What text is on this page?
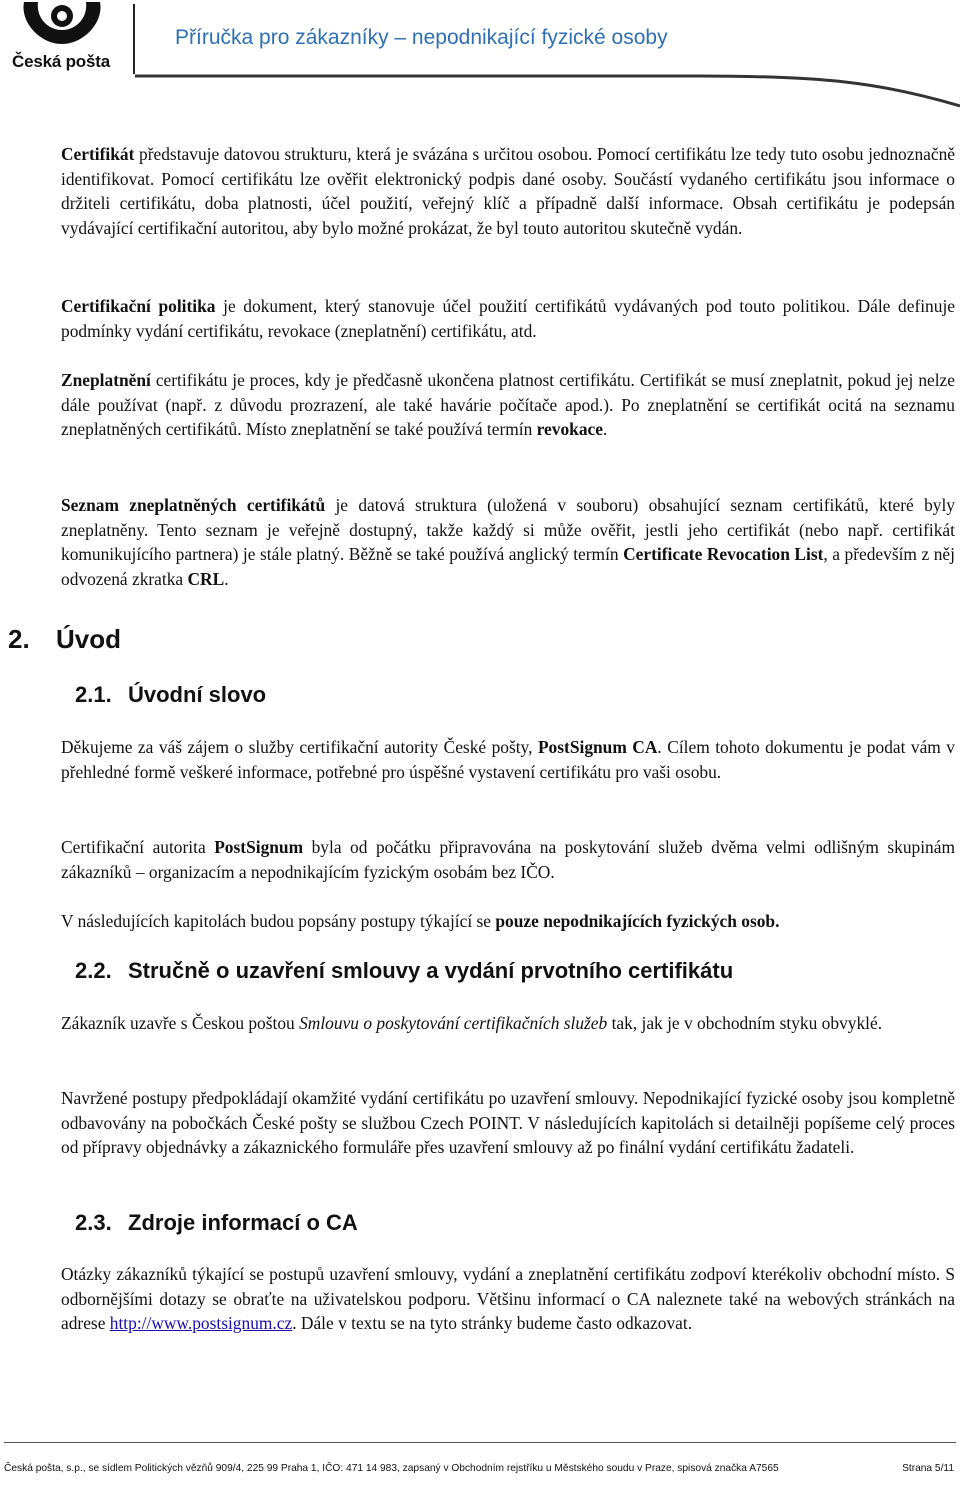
Česká pošta
Příručka pro zákazníky – nepodnikající fyzické osoby

Certifikát představuje datovou strukturu, která je svázána s určitou osobou. Pomocí certifikátu lze tedy tuto osobu jednoznačně identifikovat. Pomocí certifikátu lze ověřit elektronický podpis dané osoby. Součástí vydaného certifikátu jsou informace o držiteli certifikátu, doba platnosti, účel použití, veřejný klíč a případně další informace. Obsah certifikátu je podepsán vydávající certifikační autoritou, aby bylo možné prokázat, že byl touto autoritou skutečně vydán.

Certifikační politika je dokument, který stanovuje účel použití certifikátů vydávaných pod touto politikou. Dále definuje podmínky vydání certifikátu, revokace (zneplatnění) certifikátu, atd.

Zneplatnění certifikátu je proces, kdy je předčasně ukončena platnost certifikátu. Certifikát se musí zneplatnit, pokud jej nelze dále používat (např. z důvodu prozrazení, ale také havárie počítače apod.). Po zneplatnění se certifikát ocitá na seznamu zneplatněných certifikátů. Místo zneplatnění se také používá termín revokace.

Seznam zneplatněných certifikátů je datová struktura (uložená v souboru) obsahující seznam certifikátů, které byly zneplatněny. Tento seznam je veřejně dostupný, takže každý si může ověřit, jestli jeho certifikát (nebo např. certifikát komunikujícího partnera) je stále platný. Běžně se také používá anglický termín Certificate Revocation List, a především z něj odvozená zkratka CRL.

2. Úvod
2.1. Úvodní slovo

Děkujeme za váš zájem o služby certifikační autority České pošty, PostSignum CA. Cílem tohoto dokumentu je podat vám v přehledné formě veškeré informace, potřebné pro úspěšné vystavení certifikátu pro vaši osobu.

Certifikační autorita PostSignum byla od počátku připravována na poskytování služeb dvěma velmi odlišným skupinám zákazníků – organizacím a nepodnikajícím fyzickým osobám bez IČO.

V následujících kapitolách budou popsány postupy týkající se pouze nepodnikajících fyzických osob.

2.2. Stručně o uzavření smlouvy a vydání prvotního certifikátu

Zákazník uzavře s Českou poštou Smlouvu o poskytování certifikačních služeb tak, jak je v obchodním styku obvyklé.

Navržené postupy předpokládají okamžité vydání certifikátu po uzavření smlouvy. Nepodnikající fyzické osoby jsou kompletně odbavovány na pobočkách České pošty se službou Czech POINT. V následujících kapitolách si detailněji popíšeme celý proces od přípravy objednávky a zákaznického formuláře přes uzavření smlouvy až po finální vydání certifikátu žadateli.

2.3. Zdroje informací o CA

Otázky zákazníků týkající se postupů uzavření smlouvy, vydání a zneplatnění certifikátu zodpoví kterékoliv obchodní místo. S odbornějšími dotazy se obraťte na uživatelskou podporu. Většinu informací o CA naleznete také na webových stránkách na adrese http://www.postsignum.cz. Dále v textu se na tyto stránky budeme často odkazovat.

Česká pošta, s.p., se sídlem Politických vězňů 909/4, 225 99 Praha 1, IČO: 471 14 983, zapsaný v Obchodním rejstříku u Městského soudu v Praze, spisová značka A7565	Strana 5/11
